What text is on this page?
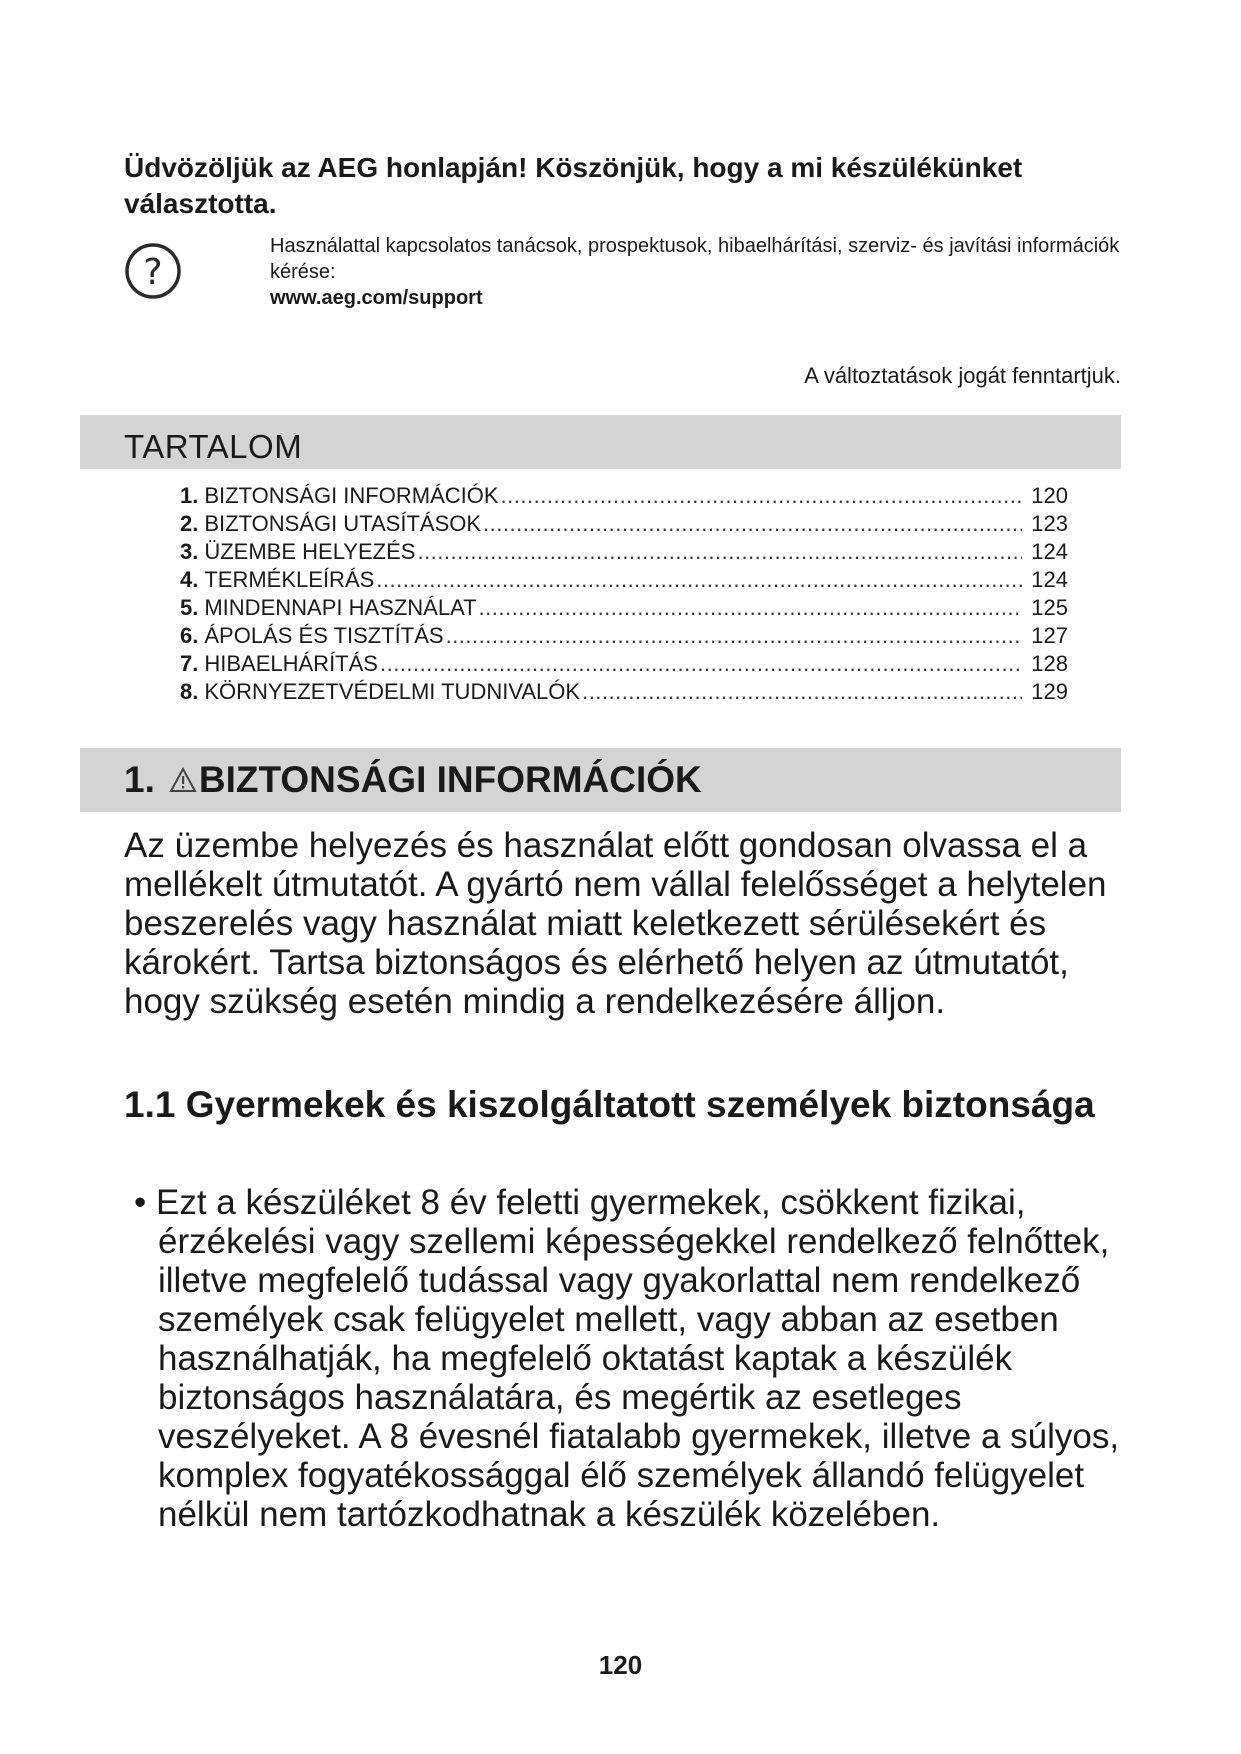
Üdvözöljük az AEG honlapján! Köszönjük, hogy a mi készülékünket választotta.
?
Használattal kapcsolatos tanácsok, prospektusok, hibaelhárítási, szerviz- és javítási információk kérése:
www.aeg.com/support
A változtatások jogát fenntartjuk.
TARTALOM
1. BIZTONSÁGI INFORMÁCIÓK .....	120
2. BIZTONSÁGI UTASÍTÁSOK .....	123
3. ÜZEMBE HELYEZÉS .....	124
4. TERMÉKLEÍRÁS .....	124
5. MINDENNAPI HASZNÁLAT .....	125
6. ÁPOLÁS ÉS TISZTÍTÁS .....	127
7. HIBAELHÁRÍTÁS .....	128
8. KÖRNYEZETVÉDELMI TUDNIVALÓK .....	129
1. BIZTONSÁGI INFORMÁCIÓK

Az üzembe helyezés és használat előtt gondosan olvassa el a mellékelt útmutatót. A gyártó nem vállal felelősséget a helytelen beszerelés vagy használat miatt keletkezett sérülésekért és károkért. Tartsa biztonságos és elérhető helyen az útmutatót, hogy szükség esetén mindig a rendelkezésére álljon.

1.1 Gyermekek és kiszolgáltatott személyek biztonsága

• Ezt a készüléket 8 év feletti gyermekek, csökkent fizikai, érzékelési vagy szellemi képességekkel rendelkező felnőttek, illetve megfelelő tudással vagy gyakorlattal nem rendelkező személyek csak felügyelet mellett, vagy abban az esetben használhatják, ha megfelelő oktatást kaptak a készülék biztonságos használatára, és megértik az esetleges veszélyeket. A 8 évesnél fiatalabb gyermekek, illetve a súlyos, komplex fogyatékossággal élő személyek állandó felügyelet nélkül nem tartózkodhatnak a készülék közelében.

120
